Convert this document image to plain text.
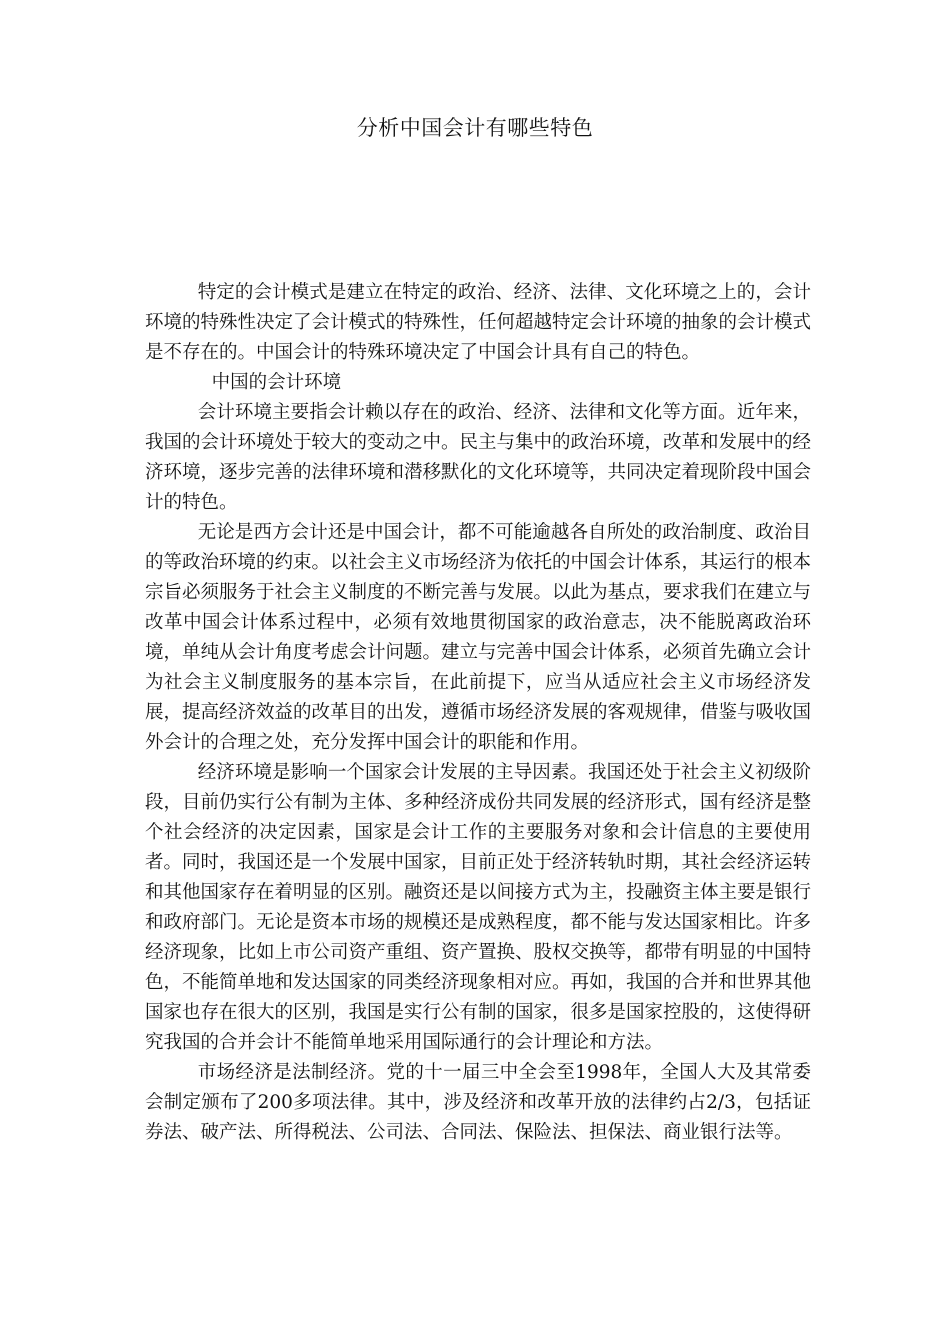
分析中国会计有哪些特色

特定的会计模式是建立在特定的政治、经济、法律、文化环境之上的，会计环境的特殊性决定了会计模式的特殊性，任何超越特定会计环境的抽象的会计模式是不存在的。中国会计的特殊环境决定了中国会计具有自己的特色。

中国的会计环境

会计环境主要指会计赖以存在的政治、经济、法律和文化等方面。近年来，我国的会计环境处于较大的变动之中。民主与集中的政治环境，改革和发展中的经济环境，逐步完善的法律环境和潜移默化的文化环境等，共同决定着现阶段中国会计的特色。

无论是西方会计还是中国会计，都不可能逾越各自所处的政治制度、政治目的等政治环境的约束。以社会主义市场经济为依托的中国会计体系，其运行的根本宗旨必须服务于社会主义制度的不断完善与发展。以此为基点，要求我们在建立与改革中国会计体系过程中，必须有效地贯彻国家的政治意志，决不能脱离政治环境，单纯从会计角度考虑会计问题。建立与完善中国会计体系，必须首先确立会计为社会主义制度服务的基本宗旨，在此前提下，应当从适应社会主义市场经济发展，提高经济效益的改革目的出发，遵循市场经济发展的客观规律，借鉴与吸收国外会计的合理之处，充分发挥中国会计的职能和作用。

经济环境是影响一个国家会计发展的主导因素。我国还处于社会主义初级阶段，目前仍实行公有制为主体、多种经济成份共同发展的经济形式，国有经济是整个社会经济的决定因素，国家是会计工作的主要服务对象和会计信息的主要使用者。同时，我国还是一个发展中国家，目前正处于经济转轨时期，其社会经济运转和其他国家存在着明显的区别。融资还是以间接方式为主，投融资主体主要是银行和政府部门。无论是资本市场的规模还是成熟程度，都不能与发达国家相比。许多经济现象，比如上市公司资产重组、资产置换、股权交换等，都带有明显的中国特色，不能简单地和发达国家的同类经济现象相对应。再如，我国的合并和世界其他国家也存在很大的区别，我国是实行公有制的国家，很多是国家控股的，这使得研究我国的合并会计不能简单地采用国际通行的会计理论和方法。

市场经济是法制经济。党的十一届三中全会至1998年，全国人大及其常委会制定颁布了200多项法律。其中，涉及经济和改革开放的法律约占2/3，包括证券法、破产法、所得税法、公司法、合同法、保险法、担保法、商业银行法等。
